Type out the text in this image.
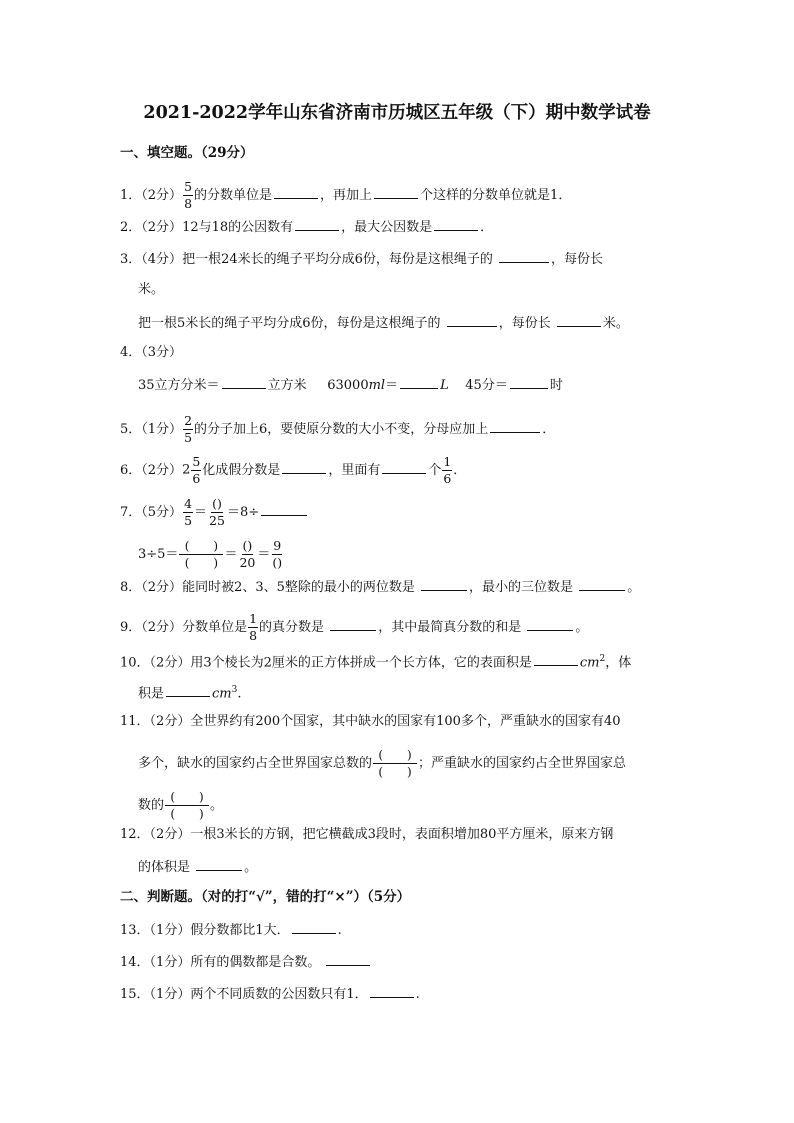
2021-2022学年山东省济南市历城区五年级（下）期中数学试卷
一、填空题。（29分）
1．（2分） $\frac{5}{8}$ 的分数单位是	，再加上	个这样的分数单位就是1．
2．（2分）12与18的公因数有	，最大公因数是	．
3．（4分）把一根24米长的绳子平均分成6份，每份是这根绳子的	，每份长
米。
把一根5米长的绳子平均分成6份，每份是这根绳子的	，每份长	米。
4．（3分）
35立方分米＝	立方米 63000ml＝	L 45分＝	时
5．（1分） $\frac{2}{5}$ 的分子加上6，要使原分数的大小不变，分母应加上	．
6．（2分）$2 \frac{5}{6}$ 化成假分数是	，里面有	个 $\frac{1}{6}$ ．
7．（5分） $\frac{4}{5} = \frac{()}{25} =8\div$
$3\div 5= \frac{( )}{( )} = \frac{()}{20} = \frac{9}{()}$
8．（2分）能同时被2、3、5整除的最小的两位数是	，最小的三位数是	。
9．（2分）分数单位是 $\frac{1}{8}$ 的真分数是	，其中最简真分数的和是	。
10．（2分）用3个棱长为2厘米的正方体拼成一个长方体，它的表面积是	$cm^2$，体
积是	$cm^3$.
11．（2分）全世界约有200个国家，其中缺水的国家有100多个，严重缺水的国家有40
多个，缺水的国家约占全世界国家总数的 $\frac{( )}{( )}$ ；严重缺水的国家约占全世界国家总
数的 $\frac{( )}{( )}$ 。
12．（2分）一根3米长的方钢，把它横截成3段时，表面积增加80平方厘米，原来方钢
的体积是	。
二、判断题。（对的打“√”，错的打“×”）（5分）
13．（1分）假分数都比1大．	.
14．（1分）所有的偶数都是合数。
15．（1分）两个不同质数的公因数只有1．	.
